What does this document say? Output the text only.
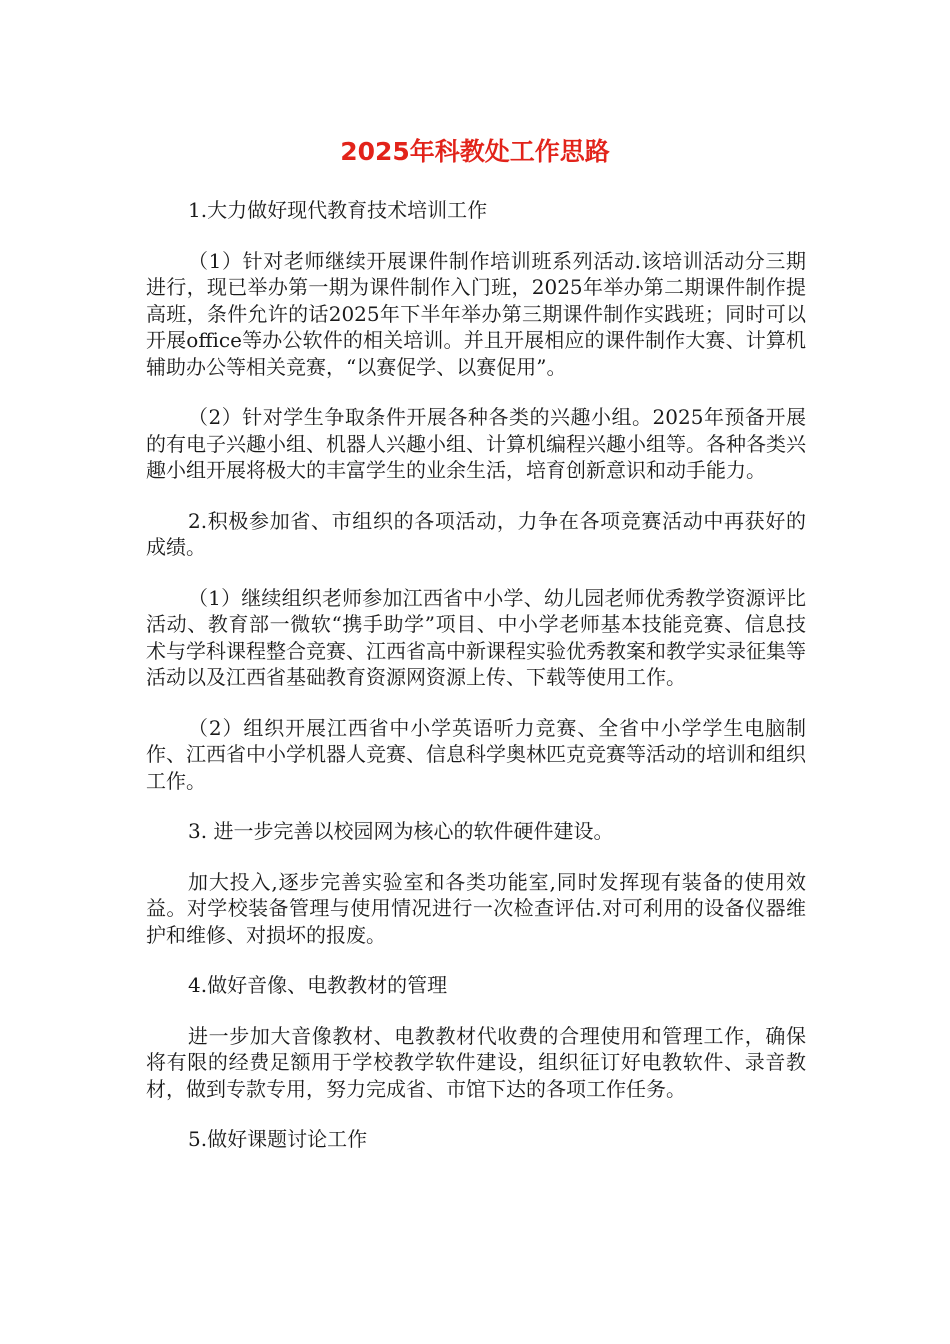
2025年科教处工作思路

1.大力做好现代教育技术培训工作

（1）针对老师继续开展课件制作培训班系列活动.该培训活动分三期进行，现已举办第一期为课件制作入门班，2025年举办第二期课件制作提高班，条件允许的话2025年下半年举办第三期课件制作实践班；同时可以开展office等办公软件的相关培训。并且开展相应的课件制作大赛、计算机辅助办公等相关竞赛，“以赛促学、以赛促用”。

（2）针对学生争取条件开展各种各类的兴趣小组。2025年预备开展的有电子兴趣小组、机器人兴趣小组、计算机编程兴趣小组等。各种各类兴趣小组开展将极大的丰富学生的业余生活，培育创新意识和动手能力。

2.积极参加省、市组织的各项活动，力争在各项竞赛活动中再获好的成绩。

（1）继续组织老师参加江西省中小学、幼儿园老师优秀教学资源评比活动、教育部一微软“携手助学”项目、中小学老师基本技能竞赛、信息技术与学科课程整合竞赛、江西省高中新课程实验优秀教案和教学实录征集等活动以及江西省基础教育资源网资源上传、下载等使用工作。

（2）组织开展江西省中小学英语听力竞赛、全省中小学学生电脑制作、江西省中小学机器人竞赛、信息科学奥林匹克竞赛等活动的培训和组织工作。

3. 进一步完善以校园网为核心的软件硬件建设。

加大投入,逐步完善实验室和各类功能室,同时发挥现有装备的使用效益。对学校装备管理与使用情况进行一次检查评估.对可利用的设备仪器维护和维修、对损坏的报废。

4.做好音像、电教教材的管理

进一步加大音像教材、电教教材代收费的合理使用和管理工作，确保将有限的经费足额用于学校教学软件建设，组织征订好电教软件、录音教材，做到专款专用，努力完成省、市馆下达的各项工作任务。

5.做好课题讨论工作
